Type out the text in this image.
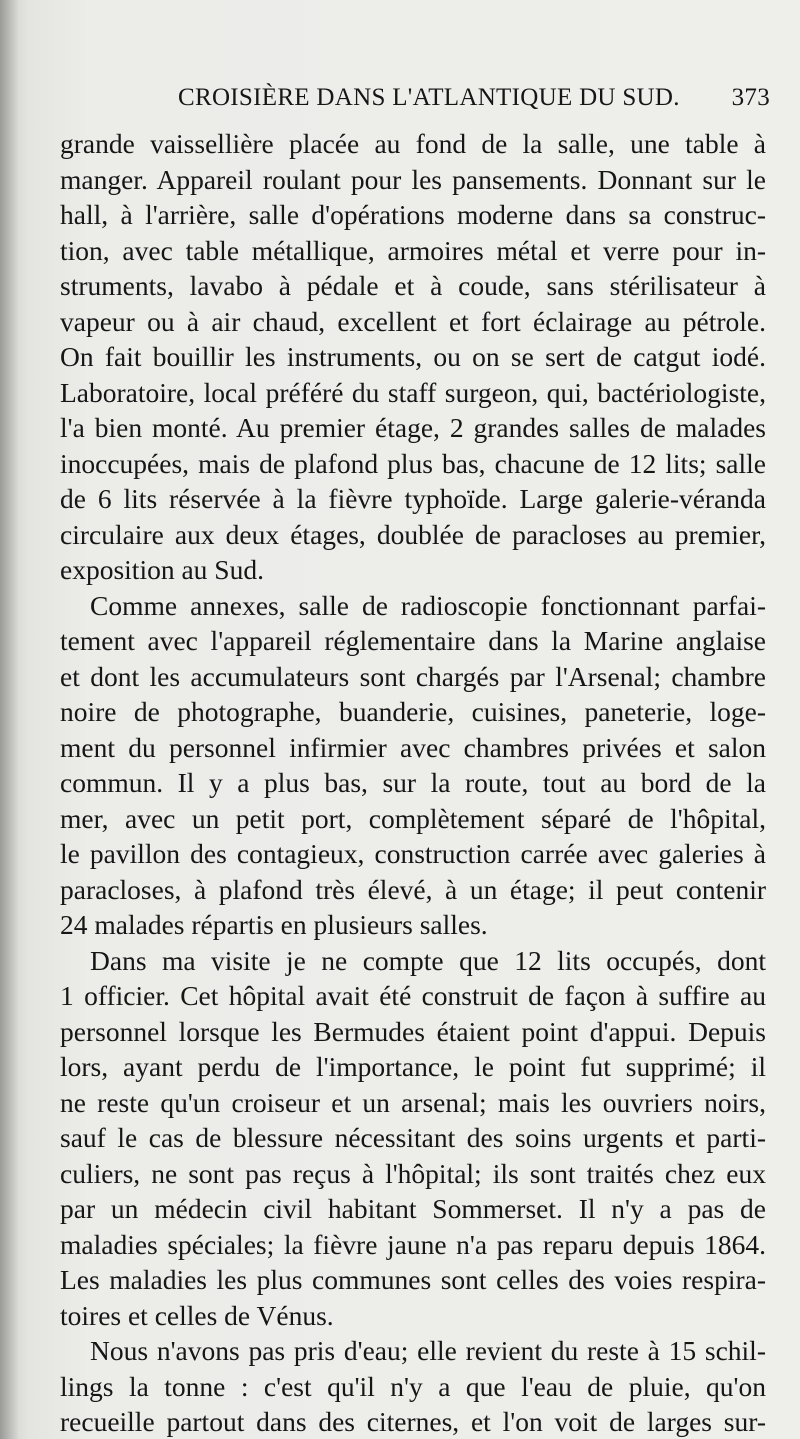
CROISIÈRE DANS L'ATLANTIQUE DU SUD. 373
grande vaissellière placée au fond de la salle, une table à
manger. Appareil roulant pour les pansements. Donnant sur le
hall, à l'arrière, salle d'opérations moderne dans sa construc-
tion, avec table métallique, armoires métal et verre pour in-
struments, lavabo à pédale et à coude, sans stérilisateur à
vapeur ou à air chaud, excellent et fort éclairage au pétrole.
On fait bouillir les instruments, ou on se sert de catgut iodé.
Laboratoire, local préféré du staff surgeon, qui, bactériologiste,
l'a bien monté. Au premier étage, 2 grandes salles de malades
inoccupées, mais de plafond plus bas, chacune de 12 lits; salle
de 6 lits réservée à la fièvre typhoïde. Large galerie-véranda
circulaire aux deux étages, doublée de paracloses au premier,
exposition au Sud.
Comme annexes, salle de radioscopie fonctionnant parfai-
tement avec l'appareil réglementaire dans la Marine anglaise
et dont les accumulateurs sont chargés par l'Arsenal; chambre
noire de photographe, buanderie, cuisines, paneterie, loge-
ment du personnel infirmier avec chambres privées et salon
commun. Il y a plus bas, sur la route, tout au bord de la
mer, avec un petit port, complètement séparé de l'hôpital,
le pavillon des contagieux, construction carrée avec galeries à
paracloses, à plafond très élevé, à un étage; il peut contenir
24 malades répartis en plusieurs salles.
Dans ma visite je ne compte que 12 lits occupés, dont
1 officier. Cet hôpital avait été construit de façon à suffire au
personnel lorsque les Bermudes étaient point d'appui. Depuis
lors, ayant perdu de l'importance, le point fut supprimé; il
ne reste qu'un croiseur et un arsenal; mais les ouvriers noirs,
sauf le cas de blessure nécessitant des soins urgents et parti-
culiers, ne sont pas reçus à l'hôpital; ils sont traités chez eux
par un médecin civil habitant Sommerset. Il n'y a pas de
maladies spéciales; la fièvre jaune n'a pas reparu depuis 1864.
Les maladies les plus communes sont celles des voies respira-
toires et celles de Vénus.
Nous n'avons pas pris d'eau; elle revient du reste à 15 schil-
lings la tonne : c'est qu'il n'y a que l'eau de pluie, qu'on
recueille partout dans des citernes, et l'on voit de larges sur-
